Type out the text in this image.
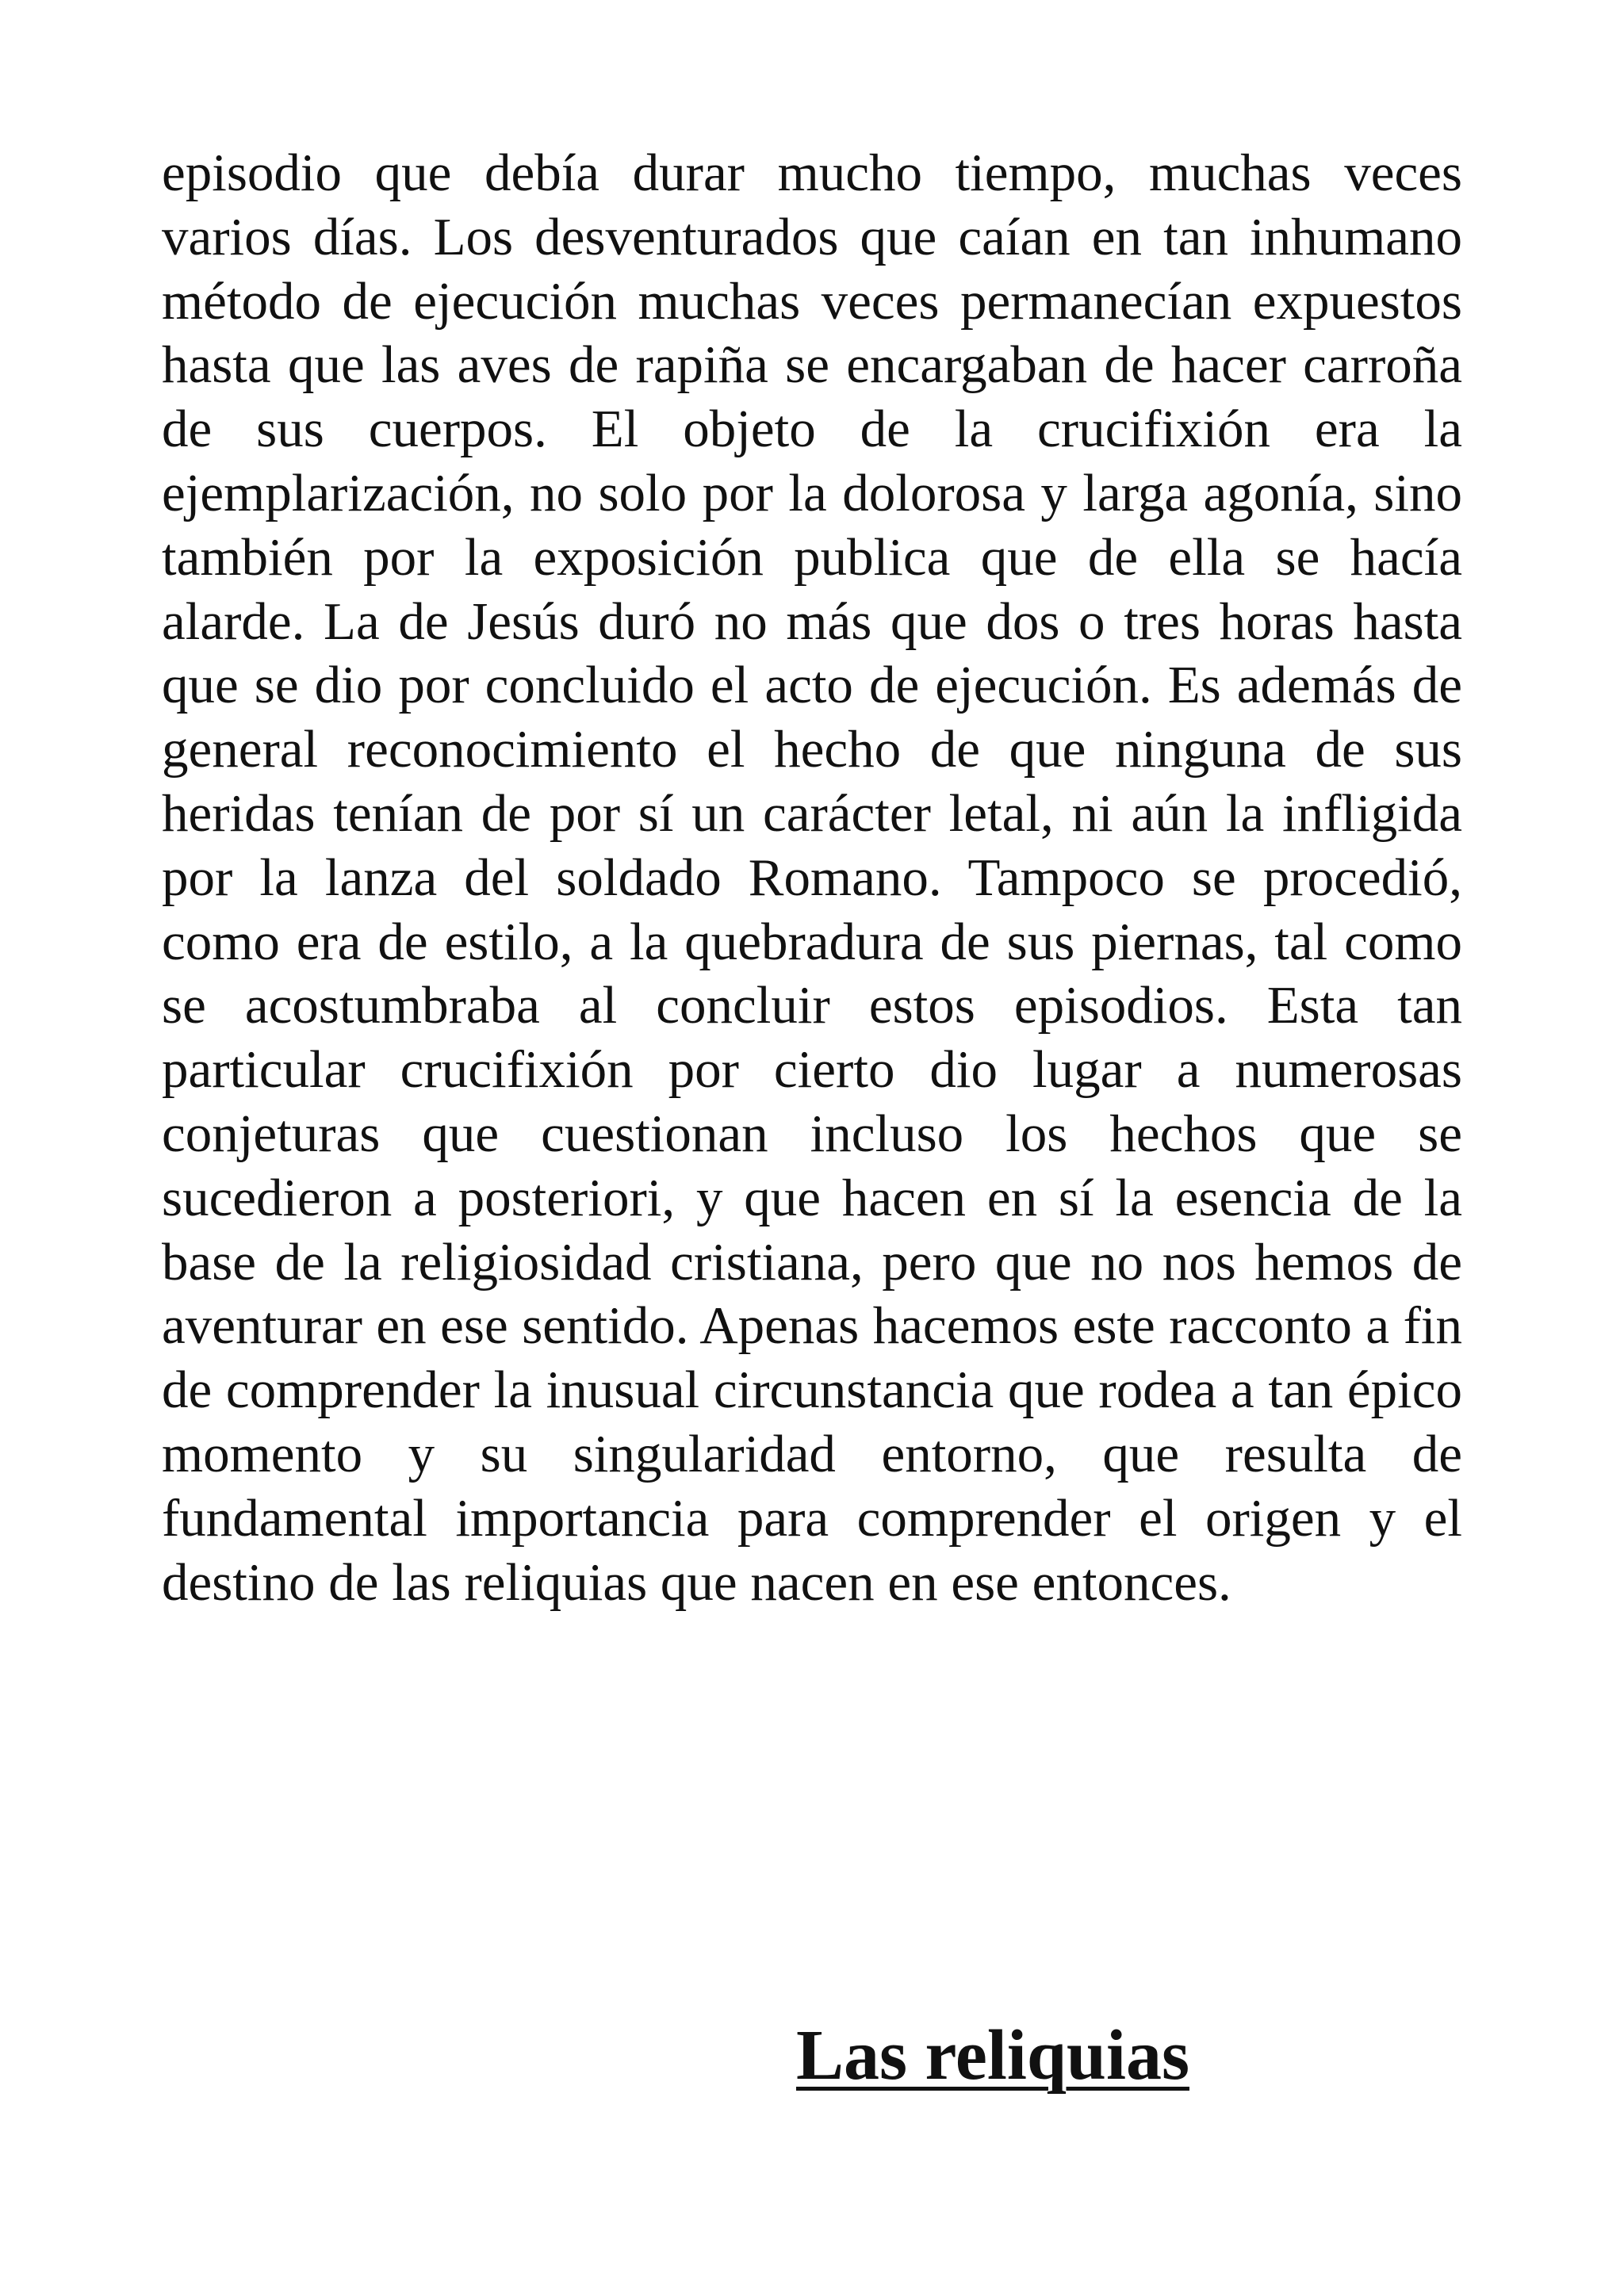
episodio que debía durar mucho tiempo, muchas veces varios días. Los desventurados que caían en tan inhumano método de ejecución muchas veces permanecían expuestos hasta que las aves de rapiña se encargaban de hacer carroña de sus cuerpos. El objeto de la crucifixión era la ejemplarización, no solo por la dolorosa y larga agonía, sino también por la exposición publica que de ella se hacía alarde. La de Jesús duró no más que dos o tres horas hasta que se dio por concluido el acto de ejecución. Es además de general reconocimiento el hecho de que ninguna de sus heridas tenían de por sí un carácter letal, ni aún la infligida por la lanza del soldado Romano. Tampoco se procedió, como era de estilo, a la quebradura de sus piernas, tal como se acostumbraba al concluir estos episodios. Esta tan particular crucifixión por cierto dio lugar a numerosas conjeturas que cuestionan incluso los hechos que se sucedieron a posteriori, y que hacen en sí la esencia de la base de la religiosidad cristiana, pero que no nos hemos de aventurar en ese sentido. Apenas hacemos este racconto a fin de comprender la inusual circunstancia que rodea a tan épico momento y su singularidad entorno, que resulta de fundamental importancia para comprender el origen y el destino de las reliquias que nacen en ese entonces.

Las reliquias
